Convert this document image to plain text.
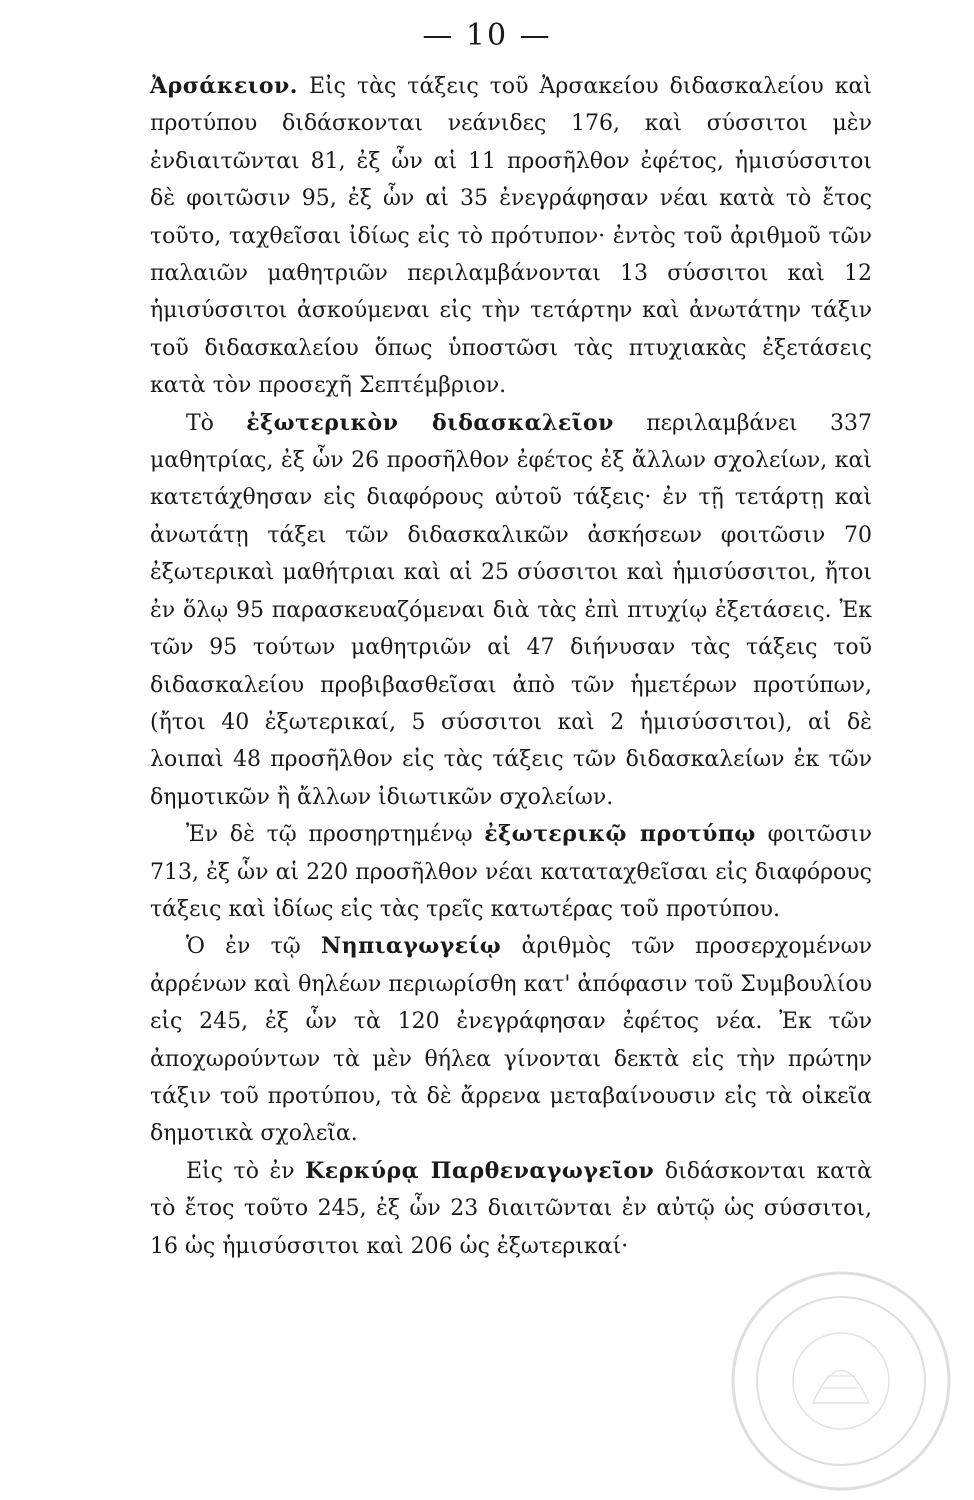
— 10 —

Ἀρσάκειον. Εἰς τὰς τάξεις τοῦ Ἀρσακείου διδασκαλείου καὶ προτύπου διδάσκονται νεάνιδες 176, καὶ σύσσιτοι μὲν ἐνδιαιτῶνται 81, ἐξ ὧν αἱ 11 προσῆλθον ἐφέτος, ἡμισύσσιτοι δὲ φοιτῶσιν 95, ἐξ ὧν αἱ 35 ἐνεγράφησαν νέαι κατὰ τὸ ἔτος τοῦτο, ταχθεῖσαι ἰδίως εἰς τὸ πρότυπον· ἐντὸς τοῦ ἀριθμοῦ τῶν παλαιῶν μαθητριῶν περιλαμβάνονται 13 σύσσιτοι καὶ 12 ἡμισύσσιτοι ἀσκούμεναι εἰς τὴν τετάρτην καὶ ἀνωτάτην τάξιν τοῦ διδασκαλείου ὅπως ὑποστῶσι τὰς πτυχιακὰς ἐξετάσεις κατὰ τὸν προσεχῆ Σεπτέμβριον.

Τὸ ἐξωτερικὸν διδασκαλεῖον περιλαμβάνει 337 μαθητρίας, ἐξ ὧν 26 προσῆλθον ἐφέτος ἐξ ἄλλων σχολείων, καὶ κατετάχθησαν εἰς διαφόρους αὐτοῦ τάξεις· ἐν τῇ τετάρτῃ καὶ ἀνωτάτῃ τάξει τῶν διδασκαλικῶν ἀσκήσεων φοιτῶσιν 70 ἐξωτερικαὶ μαθήτριαι καὶ αἱ 25 σύσσιτοι καὶ ἡμισύσσιτοι, ἤτοι ἐν ὅλῳ 95 παρασκευαζόμεναι διὰ τὰς ἐπὶ πτυχίῳ ἐξετάσεις. Ἐκ τῶν 95 τούτων μαθητριῶν αἱ 47 διήνυσαν τὰς τάξεις τοῦ διδασκαλείου προβιβασθεῖσαι ἀπὸ τῶν ἡμετέρων προτύπων, (ἤτοι 40 ἐξωτερικαί, 5 σύσσιτοι καὶ 2 ἡμισύσσιτοι), αἱ δὲ λοιπαὶ 48 προσῆλθον εἰς τὰς τάξεις τῶν διδασκαλείων ἐκ τῶν δημοτικῶν ἢ ἄλλων ἰδιωτικῶν σχολείων.

Ἐν δὲ τῷ προσηρτημένῳ ἐξωτερικῷ προτύπῳ φοιτῶσιν 713, ἐξ ὧν αἱ 220 προσῆλθον νέαι καταταχθεῖσαι εἰς διαφόρους τάξεις καὶ ἰδίως εἰς τὰς τρεῖς κατωτέρας τοῦ προτύπου.

Ὁ ἐν τῷ Νηπιαγωγείῳ ἀριθμὸς τῶν προσερχομένων ἀρρένων καὶ θηλέων περιωρίσθη κατ' ἀπόφασιν τοῦ Συμβουλίου εἰς 245, ἐξ ὧν τὰ 120 ἐνεγράφησαν ἐφέτος νέα. Ἐκ τῶν ἀποχωρούντων τὰ μὲν θήλεα γίνονται δεκτὰ εἰς τὴν πρώτην τάξιν τοῦ προτύπου, τὰ δὲ ἄρρενα μεταβαίνουσιν εἰς τὰ οἰκεῖα δημοτικὰ σχολεῖα.

Εἰς τὸ ἐν Κερκύρᾳ Παρθεναγωγεῖον διδάσκονται κατὰ τὸ ἔτος τοῦτο 245, ἐξ ὧν 23 διαιτῶνται ἐν αὐτῷ ὡς σύσσιτοι, 16 ὡς ἡμισύσσιτοι καὶ 206 ὡς ἐξωτερικαί·
